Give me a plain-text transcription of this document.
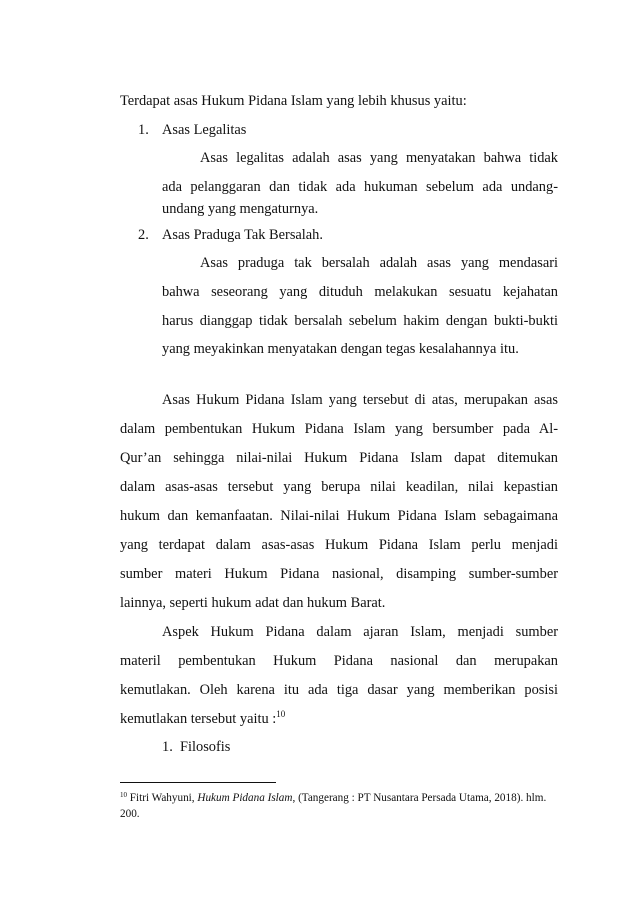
Terdapat asas Hukum Pidana Islam yang lebih khusus yaitu:
1. Asas Legalitas
Asas legalitas adalah asas yang menyatakan bahwa tidak
ada pelanggaran dan tidak ada hukuman sebelum ada undang-
undang yang mengaturnya.
2. Asas Praduga Tak Bersalah.
Asas praduga tak bersalah adalah asas yang mendasari
bahwa seseorang yang dituduh melakukan sesuatu kejahatan
harus dianggap tidak bersalah sebelum hakim dengan bukti-bukti
yang meyakinkan menyatakan dengan tegas kesalahannya itu.
Asas Hukum Pidana Islam yang tersebut di atas, merupakan asas
dalam pembentukan Hukum Pidana Islam yang bersumber pada Al-
Qur’an sehingga nilai-nilai Hukum Pidana Islam dapat ditemukan
dalam asas-asas tersebut yang berupa nilai keadilan, nilai kepastian
hukum dan kemanfaatan. Nilai-nilai Hukum Pidana Islam sebagaimana
yang terdapat dalam asas-asas Hukum Pidana Islam perlu menjadi
sumber materi Hukum Pidana nasional, disamping sumber-sumber
lainnya, seperti hukum adat dan hukum Barat.
Aspek Hukum Pidana dalam ajaran Islam, menjadi sumber
materil pembentukan Hukum Pidana nasional dan merupakan
kemutlakan. Oleh karena itu ada tiga dasar yang memberikan posisi
kemutlakan tersebut yaitu :$^{10}$
1. Filosofis
$^{10}$ Fitri Wahyuni, Hukum Pidana Islam, (Tangerang : PT Nusantara Persada Utama, 2018). hlm.
200.
